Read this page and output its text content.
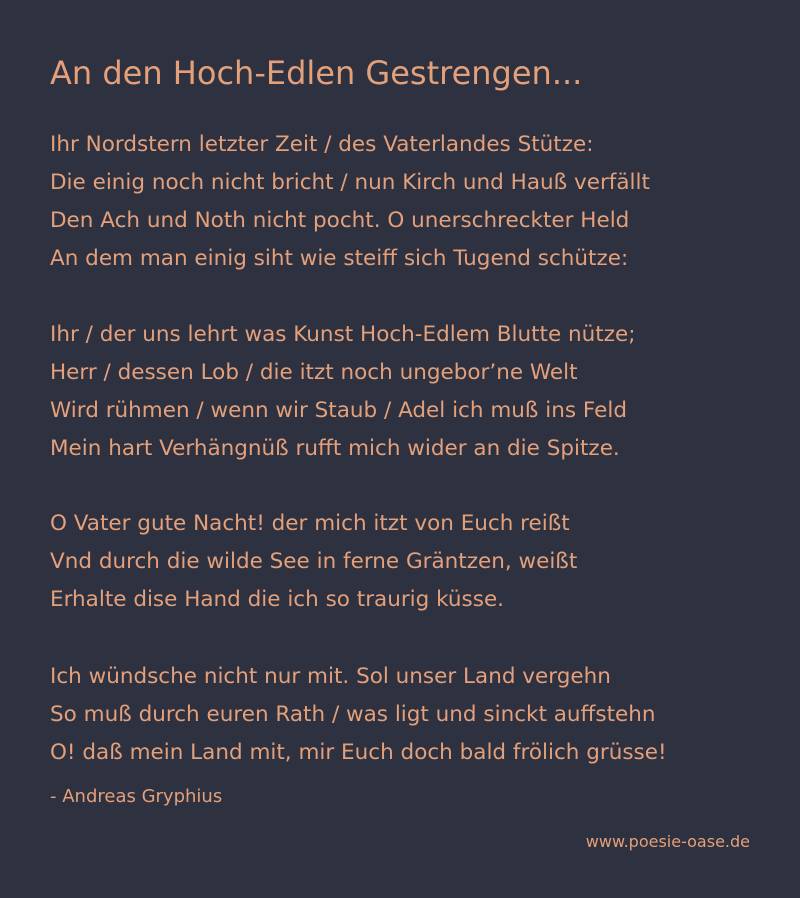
An den Hoch-Edlen Gestrengen...
Ihr Nordstern letzter Zeit / des Vaterlandes Stütze:
Die einig noch nicht bricht / nun Kirch und Hauß verfällt
Den Ach und Noth nicht pocht. O unerschreckter Held
An dem man einig siht wie steiff sich Tugend schütze:
Ihr / der uns lehrt was Kunst Hoch-Edlem Blutte nütze;
Herr / dessen Lob / die itzt noch ungebor’ne Welt
Wird rühmen / wenn wir Staub / Adel ich muß ins Feld
Mein hart Verhängnüß rufft mich wider an die Spitze.
O Vater gute Nacht! der mich itzt von Euch reißt
Vnd durch die wilde See in ferne Gräntzen, weißt
Erhalte dise Hand die ich so traurig küsse.
Ich wündsche nicht nur mit. Sol unser Land vergehn
So muß durch euren Rath / was ligt und sinckt auffstehn
O! daß mein Land mit, mir Euch doch bald frölich grüsse!
- Andreas Gryphius
www.poesie-oase.de
